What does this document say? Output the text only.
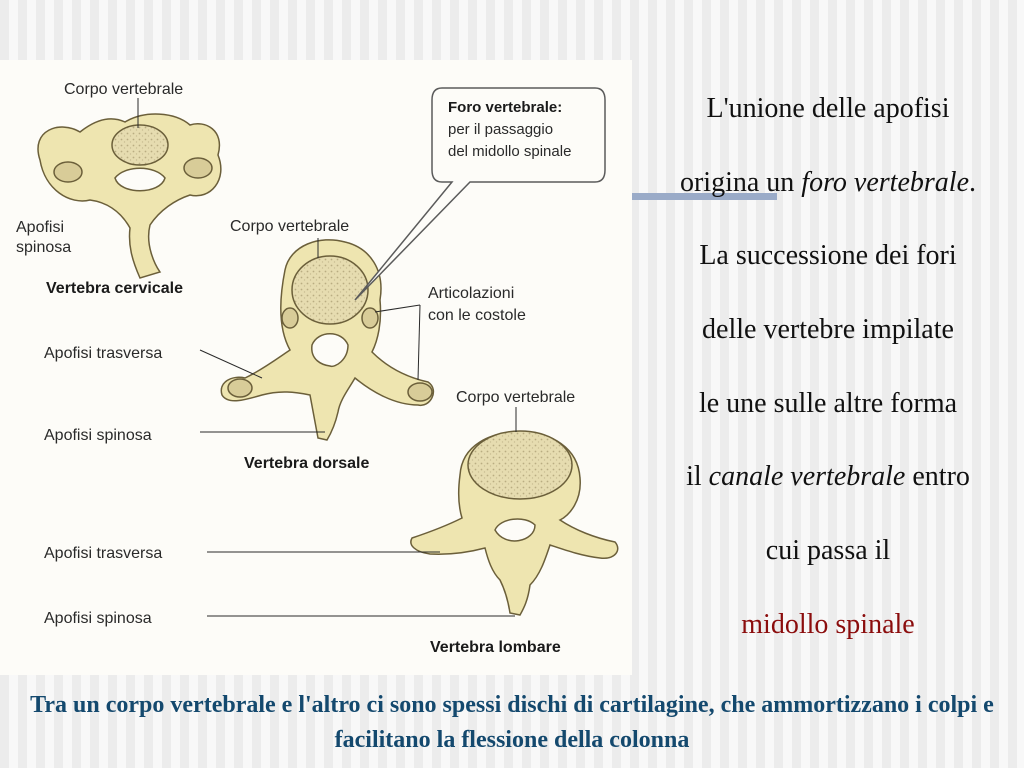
Foro vertebrale:
per il passaggio
del midollo spinale
Corpo vertebrale
Apofisi
spinosa
Vertebra cervicale
Corpo vertebrale
Articolazioni
con le costole
Apofisi trasversa
Apofisi spinosa
Vertebra dorsale
Corpo vertebrale
Apofisi trasversa
Apofisi spinosa
Vertebra lombare
L'unione delle apofisi
origina un foro vertebrale.
La successione dei fori
delle vertebre impilate
le une sulle altre forma
il canale vertebrale entro
cui passa il
midollo spinale
Tra un corpo vertebrale e l'altro ci sono spessi dischi di cartilagine, che ammortizzano i colpi e facilitano la flessione della colonna
